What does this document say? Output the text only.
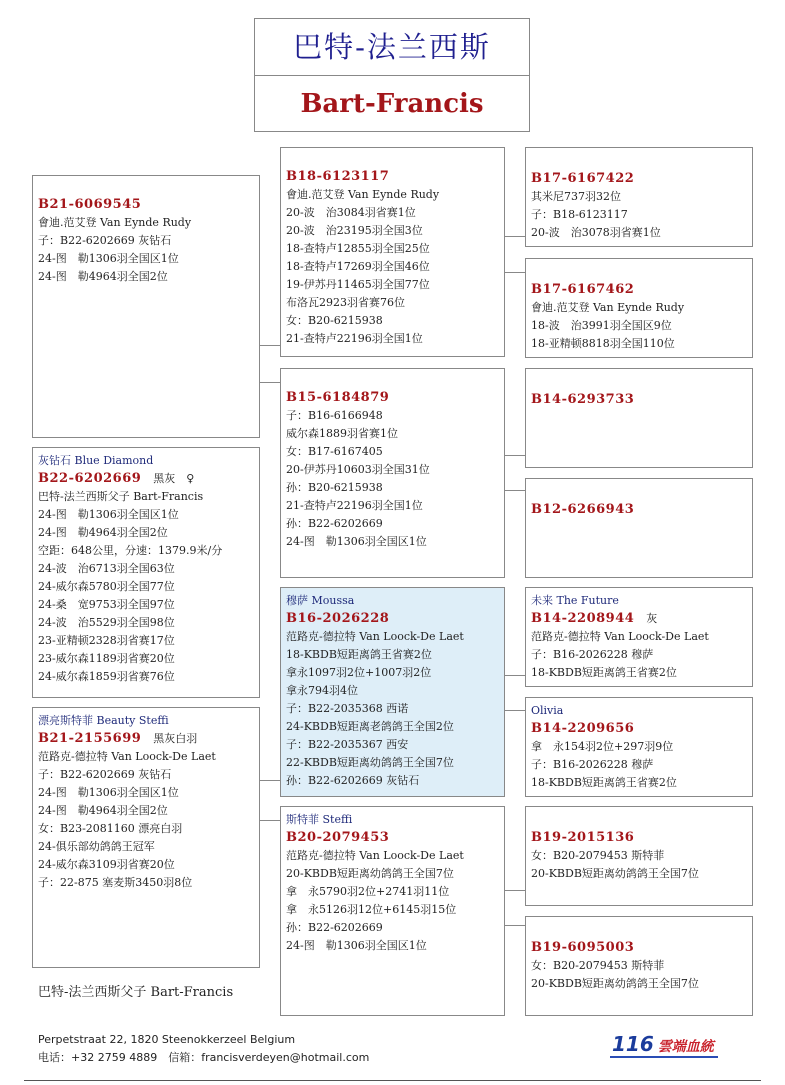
巴特-法兰西斯
Bart-Francis
B21-6069545
會迪.范艾登 Van Eynde Rudy
子：B22-6202669 灰钻石
24-图　勒1306羽全国区1位
24-图　勒4964羽全国2位
灰钻石 Blue Diamond
B22-6202669 黑灰　♀
巴特-法兰西斯父子 Bart-Francis
24-图　勒1306羽全国区1位
24-图　勒4964羽全国2位
空距：648公里，分速：1379.9米/分
24-波　治6713羽全国63位
24-威尔森5780羽全国77位
24-桑　宽9753羽全国97位
24-波　治5529羽全国98位
23-亚精顿2328羽省赛17位
23-威尔森1189羽省赛20位
24-威尔森1859羽省赛76位
漂亮斯特菲 Beauty Steffi
B21-2155699 黑灰白羽
范路克-德拉特 Van Loock-De Laet
子：B22-6202669 灰钻石
24-图　勒1306羽全国区1位
24-图　勒4964羽全国2位
女：B23-2081160 漂亮白羽
24-俱乐部幼鸽鸽王冠军
24-威尔森3109羽省赛20位
子：22-875 塞麦斯3450羽8位
B18-6123117
會迪.范艾登 Van Eynde Rudy
20-波　治3084羽省赛1位
20-波　治23195羽全国3位
18-查特卢12855羽全国25位
18-查特卢17269羽全国46位
19-伊苏丹11465羽全国77位
布洛瓦2923羽省赛76位
女：B20-6215938
21-查特卢22196羽全国1位
B15-6184879
子：B16-6166948
威尔森1889羽省赛1位
女：B17-6167405
20-伊苏丹10603羽全国31位
孙：B20-6215938
21-查特卢22196羽全国1位
孙：B22-6202669
24-图　勒1306羽全国区1位
穆萨 Moussa
B16-2026228
范路克-德拉特 Van Loock-De Laet
18-KBDB短距离鸽王省赛2位
拿永1097羽2位+1007羽2位
拿永794羽4位
子：B22-2035368 西诺
24-KBDB短距离老鸽鸽王全国2位
子：B22-2035367 西安
22-KBDB短距离幼鸽鸽王全国7位
孙：B22-6202669 灰钻石
斯特菲 Steffi
B20-2079453
范路克-德拉特 Van Loock-De Laet
20-KBDB短距离幼鸽鸽王全国7位
拿　永5790羽2位+2741羽11位
拿　永5126羽12位+6145羽15位
孙：B22-6202669
24-图　勒1306羽全国区1位
B17-6167422
其米尼737羽32位
子：B18-6123117
20-波　治3078羽省赛1位
B17-6167462
會迪.范艾登 Van Eynde Rudy
18-波　治3991羽全国区9位
18-亚精顿8818羽全国110位
B14-6293733
B12-6266943
未来 The Future
B14-2208944 灰
范路克-德拉特 Van Loock-De Laet
子：B16-2026228 穆萨
18-KBDB短距离鸽王省赛2位
Olivia
B14-2209656
拿　永154羽2位+297羽9位
子：B16-2026228 穆萨
18-KBDB短距离鸽王省赛2位
B19-2015136
女：B20-2079453 斯特菲
20-KBDB短距离幼鸽鸽王全国7位
B19-6095003
女：B20-2079453 斯特菲
20-KBDB短距离幼鸽鸽王全国7位
巴特-法兰西斯父子 Bart-Francis
Perpetstraat 22, 1820 Steenokkerzeel Belgium
电话：+32 2759 4889　信箱：francisverdeyen@hotmail.com
116 雲端血統
